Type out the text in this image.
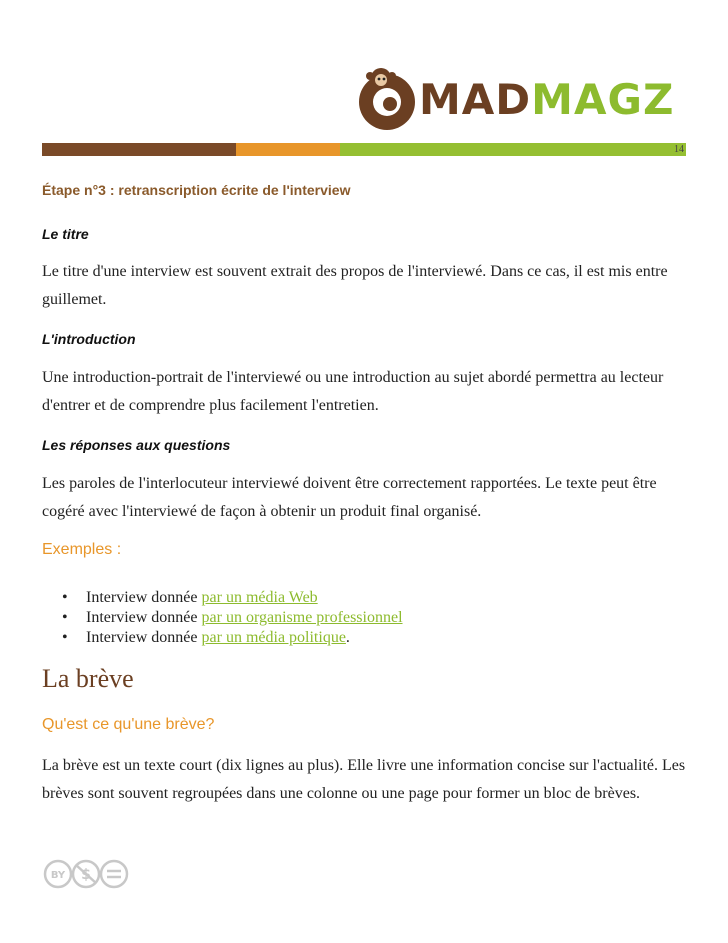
MADMAGZ
14
Étape n°3 : retranscription écrite de l'interview
Le titre
Le titre d'une interview est souvent extrait des propos de l'interviewé. Dans ce cas, il est mis entre guillemet.
L'introduction
Une introduction-portrait de l'interviewé ou une introduction au sujet abordé permettra au lecteur d'entrer et de comprendre plus facilement l'entretien.
Les réponses aux questions
Les paroles de l'interlocuteur interviewé doivent être correctement rapportées. Le texte peut être cogéré avec l'interviewé de façon à obtenir un produit final organisé.
Exemples :
• Interview donnée par un média Web
• Interview donnée par un organisme professionnel
• Interview donnée par un média politique.
La brève
Qu'est ce qu'une brève?
La brève est un texte court (dix lignes au plus). Elle livre une information concise sur l'actualité. Les brèves sont souvent regroupées dans une colonne ou une page pour former un bloc de brèves.
BY $
